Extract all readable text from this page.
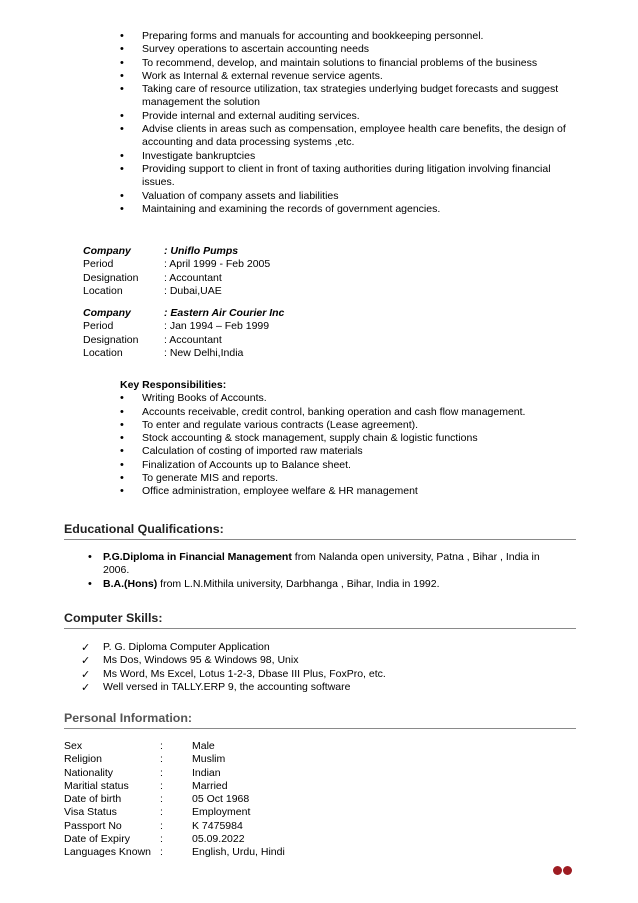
• Preparing forms and manuals for accounting and bookkeeping personnel.
• Survey operations to ascertain accounting needs
• To recommend, develop, and maintain solutions to financial problems of the business
• Work as Internal & external revenue service agents.
• Taking care of resource utilization, tax strategies underlying budget forecasts and suggest management the solution
• Provide internal and external auditing services.
• Advise clients in areas such as compensation, employee health care benefits, the design of accounting and data processing systems ,etc.
• Investigate bankruptcies
• Providing support to client in front of taxing authorities during litigation involving financial issues.
• Valuation of company assets and liabilities
• Maintaining and examining the records of government agencies.
Company	: Uniflo Pumps
Period	: April 1999 - Feb 2005
Designation	: Accountant
Location	: Dubai,UAE
Company	: Eastern Air Courier Inc
Period	: Jan 1994 – Feb 1999
Designation	: Accountant
Location	: New Delhi,India
Key Responsibilities:
• Writing Books of Accounts.
• Accounts receivable, credit control, banking operation and cash flow management.
• To enter and regulate various contracts (Lease agreement).
• Stock accounting & stock management, supply chain & logistic functions
• Calculation of costing of imported raw materials
• Finalization of Accounts up to Balance sheet.
• To generate MIS and reports.
• Office administration, employee welfare & HR management
Educational Qualifications:
• P.G.Diploma in Financial Management from Nalanda open university, Patna , Bihar , India in 2006.
• B.A.(Hons) from L.N.Mithila university, Darbhanga , Bihar, India in 1992.
Computer Skills:
✓ P. G. Diploma Computer Application
✓ Ms Dos, Windows 95 & Windows 98, Unix
✓ Ms Word, Ms Excel, Lotus 1-2-3, Dbase III Plus, FoxPro, etc.
✓ Well versed in TALLY.ERP 9, the accounting software
Personal Information:
Sex	:	Male
Religion	:	Muslim
Nationality	:	Indian
Maritial status	:	Married
Date of birth	:	05 Oct 1968
Visa Status	:	Employment
Passport No	:	K 7475984
Date of Expiry	:	05.09.2022
Languages Known :	English, Urdu, Hindi
